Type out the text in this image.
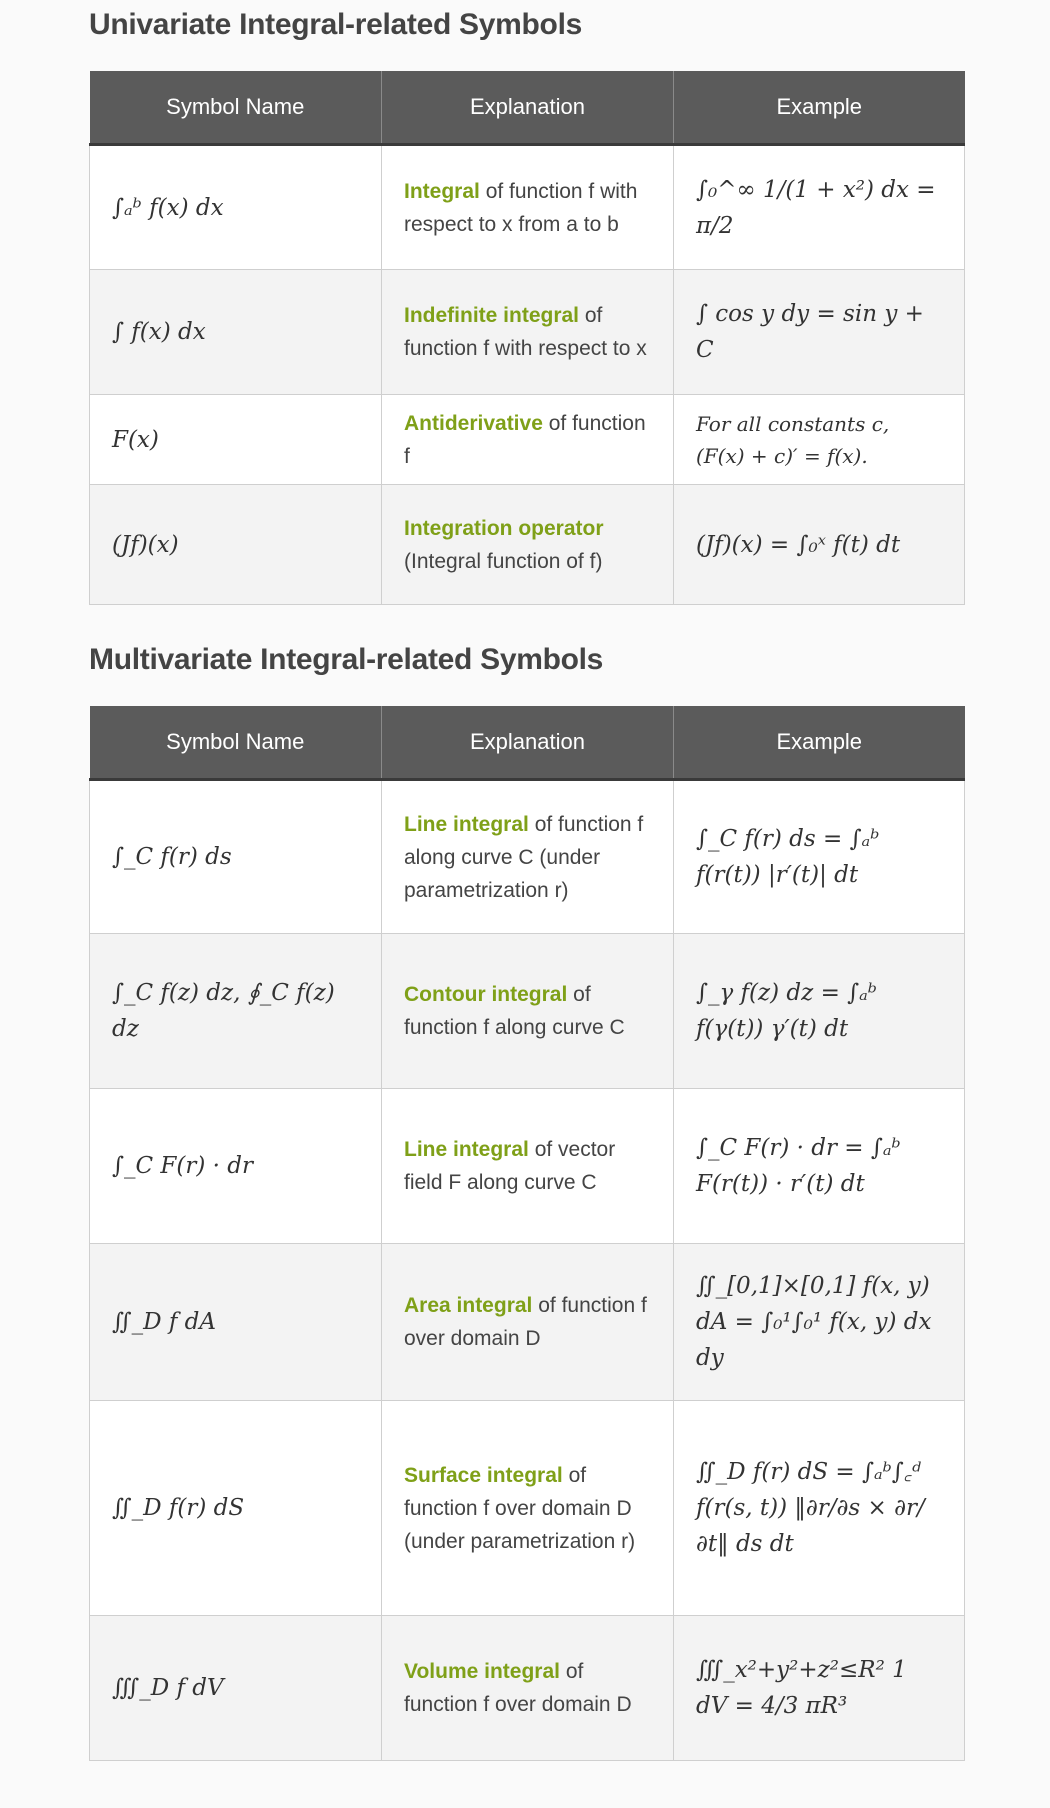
Univariate Integral-related Symbols
Symbol Name	Explanation	Example
∫ₐᵇ f(x) dx	Integral of function f with respect to x from a to b	∫₀^∞ 1/(1 + x²) dx = π/2
∫ f(x) dx	Indefinite integral of function f with respect to x	∫ cos y dy = sin y + C
F(x)	Antiderivative of function f	For all constants c, (F(x) + c)′ = f(x).
(Jf)(x)	Integration operator (Integral function of f)	(Jf)(x) = ∫₀ˣ f(t) dt
Multivariate Integral-related Symbols
Symbol Name	Explanation	Example
∫_C f(r) ds	Line integral of function f along curve C (under parametrization r)	∫_C f(r) ds = ∫ₐᵇ f(r(t)) |r′(t)| dt
∫_C f(z) dz, ∮_C f(z) dz	Contour integral of function f along curve C	∫_γ f(z) dz = ∫ₐᵇ f(γ(t)) γ′(t) dt
∫_C F(r) · dr	Line integral of vector field F along curve C	∫_C F(r) · dr = ∫ₐᵇ F(r(t)) · r′(t) dt
∬_D f dA	Area integral of function f over domain D	∬_[0,1]×[0,1] f(x, y) dA = ∫₀¹∫₀¹ f(x, y) dx dy
∬_D f(r) dS	Surface integral of function f over domain D (under parametrization r)	∬_D f(r) dS = ∫ₐᵇ∫꜀ᵈ f(r(s, t)) ‖∂r/∂s × ∂r/∂t‖ ds dt
∭_D f dV	Volume integral of function f over domain D	∭_x²+y²+z²≤R² 1 dV = 4/3 πR³
